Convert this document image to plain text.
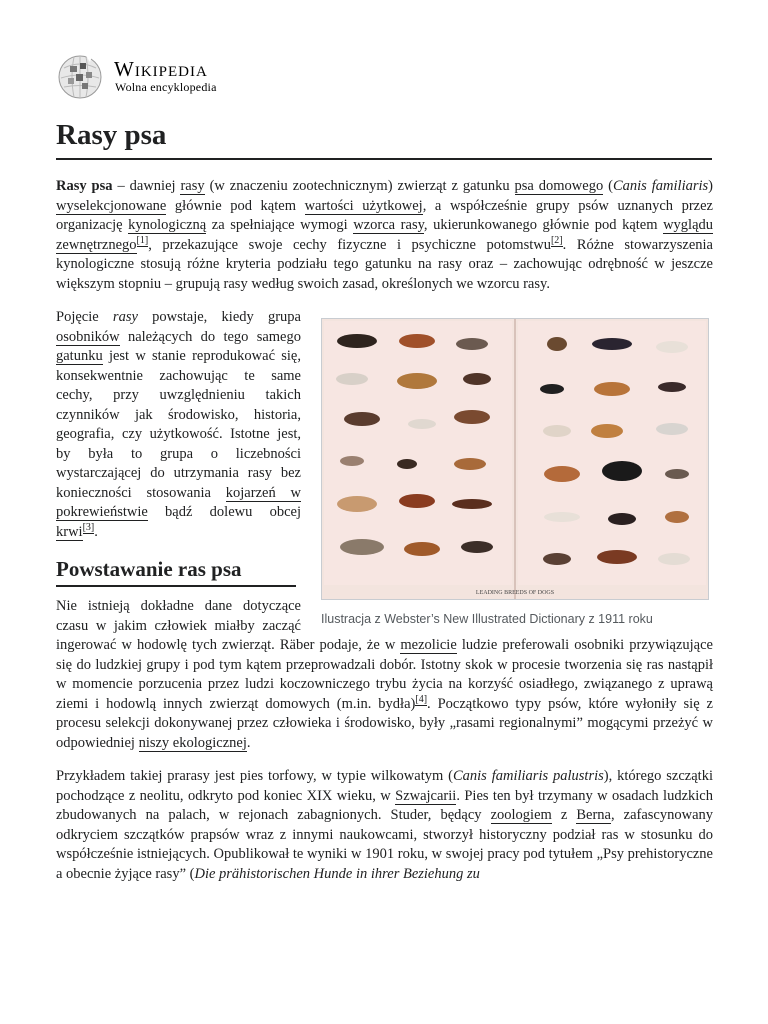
Wikipedia
Wolna encyklopedia
Rasy psa

Rasy psa – dawniej rasy (w znaczeniu zootechnicznym) zwierząt z gatunku psa domowego (Canis familiaris) wyselekcjonowane głównie pod kątem wartości użytkowej, a współcześnie grupy psów uznanych przez organizację kynologiczną za spełniające wymogi wzorca rasy, ukierunkowanego głównie pod kątem wyglądu zewnętrznego[1], przekazujące swoje cechy fizyczne i psychiczne potomstwu[2]. Różne stowarzyszenia kynologiczne stosują różne kryteria podziału tego gatunku na rasy oraz – zachowując odrębność w jeszcze większym stopniu – grupują rasy według swoich zasad, określonych we wzorcu rasy.

LEADING BREEDS OF DOGS
Ilustracja z Webster’s New Illustrated Dictionary z 1911 roku

Pojęcie rasy powstaje, kiedy grupa osobników należących do tego samego gatunku jest w stanie reprodukować się, konsekwentnie zachowując te same cechy, przy uwzględnieniu takich czynników jak środowisko, historia, geografia, czy użytkowość. Istotne jest, by była to grupa o liczebności wystarczającej do utrzymania rasy bez konieczności stosowania kojarzeń w pokrewieństwie bądź dolewu obcej krwi[3].

Powstawanie ras psa

Nie istnieją dokładne dane dotyczące czasu w jakim człowiek miałby zacząć ingerować w hodowlę tych zwierząt. Räber podaje, że w mezolicie ludzie preferowali osobniki przywiązujące się do ludzkiej grupy i pod tym kątem przeprowadzali dobór. Istotny skok w procesie tworzenia się ras nastąpił w momencie porzucenia przez ludzi koczowniczego trybu życia na korzyść osiadłego, związanego z uprawą ziemi i hodowlą innych zwierząt domowych (m.in. bydła)[4]. Początkowo typy psów, które wyłoniły się z procesu selekcji dokonywanej przez człowieka i środowisko, były „rasami regionalnymi” mogącymi przeżyć w odpowiedniej niszy ekologicznej.

Przykładem takiej prarasy jest pies torfowy, w typie wilkowatym (Canis familiaris palustris), którego szczątki pochodzące z neolitu, odkryto pod koniec XIX wieku, w Szwajcarii. Pies ten był trzymany w osadach ludzkich zbudowanych na palach, w rejonach zabagnionych. Studer, będący zoologiem z Berna, zafascynowany odkryciem szczątków prapsów wraz z innymi naukowcami, stworzył historyczny podział ras w stosunku do współcześnie istniejących. Opublikował te wyniki w 1901 roku, w swojej pracy pod tytułem „Psy prehistoryczne a obecnie żyjące rasy” (Die prähistorischen Hunde in ihrer Beziehung zu
